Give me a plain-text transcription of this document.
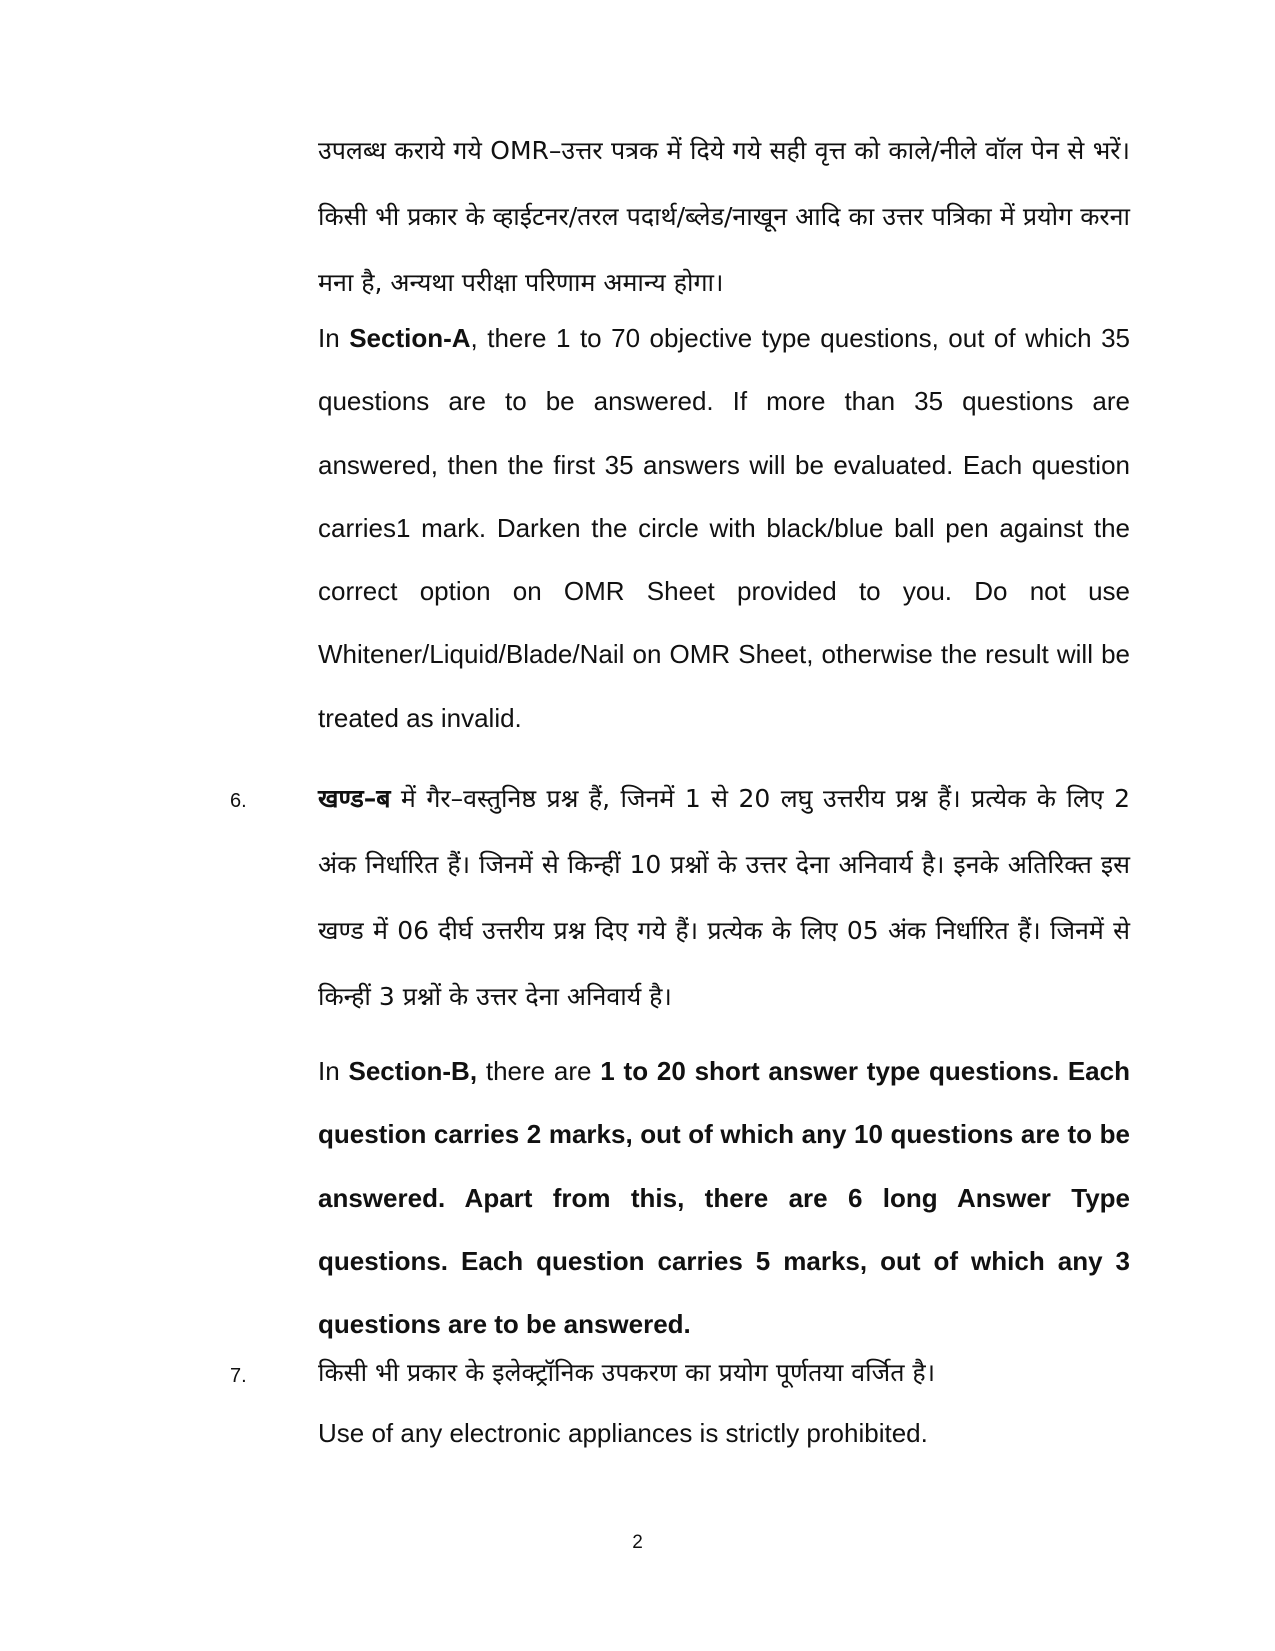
उपलब्ध कराये गये OMR–उत्तर पत्रक में दिये गये सही वृत्त को काले/नीले वॉल पेन से भरें। किसी भी प्रकार के व्हाईटनर/तरल पदार्थ/ब्लेड/नाखून आदि का उत्तर पत्रिका में प्रयोग करना मना है, अन्यथा परीक्षा परिणाम अमान्य होगा।

In Section-A, there 1 to 70 objective type questions, out of which 35 questions are to be answered. If more than 35 questions are answered, then the first 35 answers will be evaluated. Each question carries1 mark. Darken the circle with black/blue ball pen against the correct option on OMR Sheet provided to you. Do not use Whitener/Liquid/Blade/Nail on OMR Sheet, otherwise the result will be treated as invalid.

6.	खण्ड–ब में गैर–वस्तुनिष्ठ प्रश्न हैं, जिनमें 1 से 20 लघु उत्तरीय प्रश्न हैं। प्रत्येक के लिए 2 अंक निर्धारित हैं। जिनमें से किन्हीं 10 प्रश्नों के उत्तर देना अनिवार्य है। इनके अतिरिक्त इस खण्ड में 06 दीर्घ उत्तरीय प्रश्न दिए गये हैं। प्रत्येक के लिए 05 अंक निर्धारित हैं। जिनमें से किन्हीं 3 प्रश्नों के उत्तर देना अनिवार्य है।

In Section-B, there are 1 to 20 short answer type questions. Each question carries 2 marks, out of which any 10 questions are to be answered. Apart from this, there are 6 long Answer Type questions. Each question carries 5 marks, out of which any 3 questions are to be answered.

7.	किसी भी प्रकार के इलेक्ट्रॉनिक उपकरण का प्रयोग पूर्णतया वर्जित है।

Use of any electronic appliances is strictly prohibited.

2
